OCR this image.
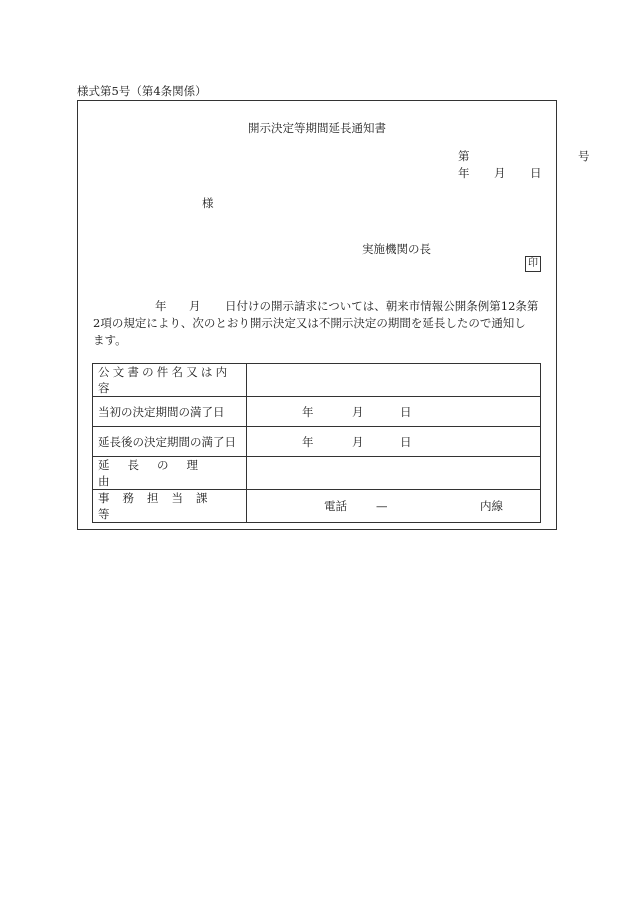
様式第5号（第4条関係）
開示決定等期間延長通知書
第	号
年 月 日
様
実施機関の長
印
年 月 日付けの開示請求については、朝来市情報公開条例第12条第
2項の規定により、次のとおり開示決定又は不開示決定の期間を延長したので通知し
ます。
公文書の件名又は内容	
当初の決定期間の満了日	年 月 日
延長後の決定期間の満了日	年 月 日
延長の理由	
事務担当課等	電話 — 内線
